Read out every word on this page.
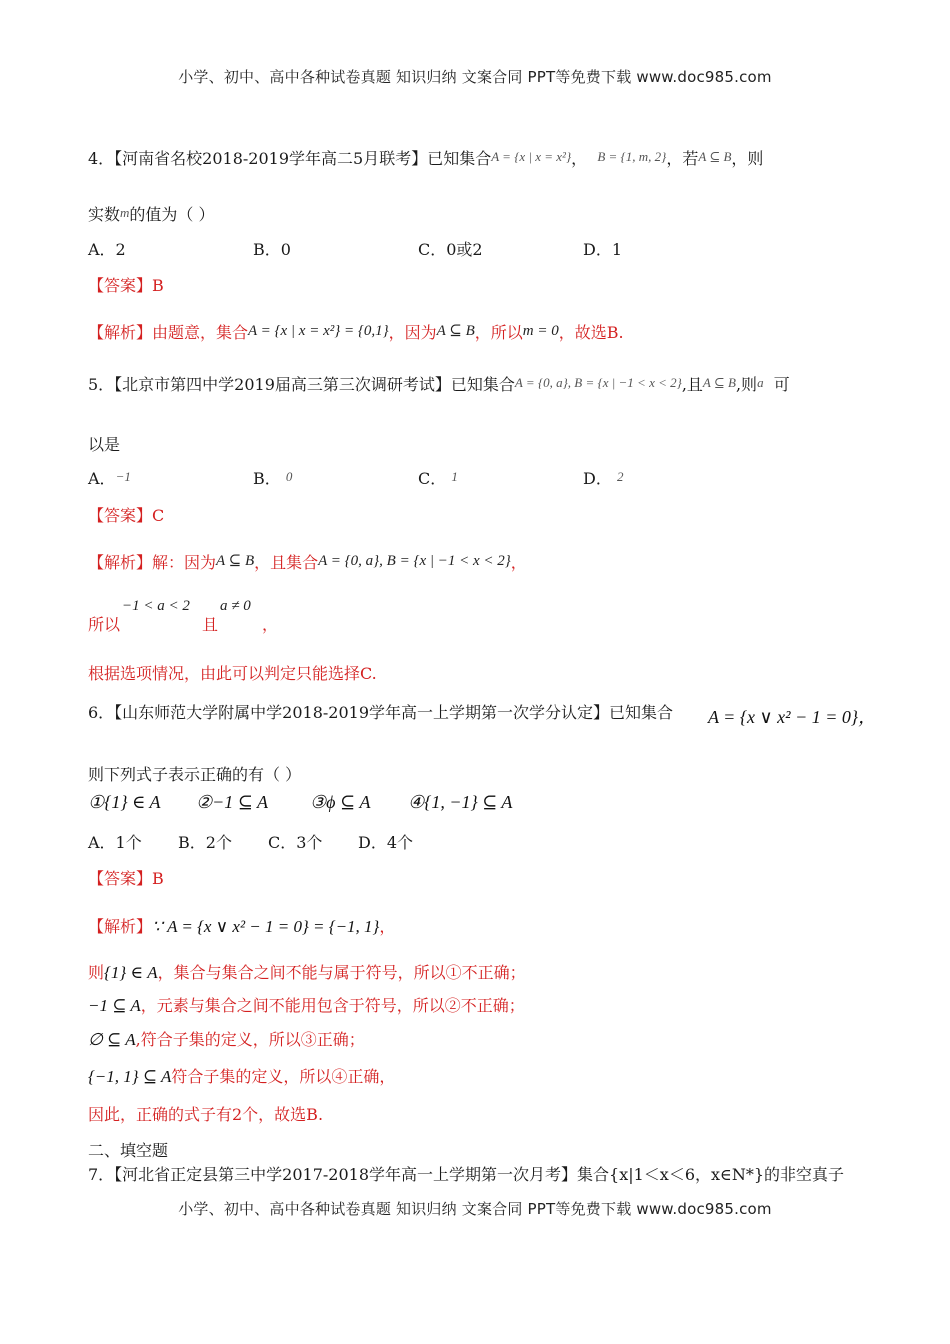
小学、初中、高中各种试卷真题 知识归纳 文案合同 PPT等免费下载 www.doc985.com
4．【河南省名校2018-2019学年高二5月联考】已知集合A = {x | x = x²}， B = {1, m, 2}，若A ⊆ B，则
实数m的值为（ ）
A．2	B．0	C．0或2	D．1
【答案】B
【解析】由题意，集合A = {x | x = x²} = {0,1}，因为A ⊆ B，所以m = 0，故选B.
5．【北京市第四中学2019届高三第三次调研考试】已知集合A = {0, a}, B = {x | −1 < x < 2},且A ⊆ B,则a 可
以是
A．−1	B． 0	C． 1	D． 2
【答案】C
【解析】解：因为A ⊆ B，且集合A = {0, a}, B = {x | −1 < x < 2}，
所以
−1 < a < 2
且
a ≠ 0
，
根据选项情况，由此可以判定只能选择C.
6．【山东师范大学附属中学2018-2019学年高一上学期第一次学分认定】已知集合 A = {x ∨ x² − 1 = 0}，
则下列式子表示正确的有（ ）
①{1} ∈ A ②−1 ⊆ A ③ϕ ⊆ A ④{1, −1} ⊆ A
A．1个 B．2个 C．3个 D．4个
【答案】B
【解析】∵ A = {x ∨ x² − 1 = 0} = {−1, 1}，
则{1} ∈ A，集合与集合之间不能与属于符号，所以①不正确；
−1 ⊆ A，元素与集合之间不能用包含于符号，所以②不正确；
∅ ⊆ A,符合子集的定义，所以③正确；
{−1, 1} ⊆ A符合子集的定义，所以④正确，
因此，正确的式子有2个，故选B.
二、填空题
7．【河北省正定县第三中学2017-2018学年高一上学期第一次月考】集合{x|1＜x＜6，x∈N*}的非空真子
小学、初中、高中各种试卷真题 知识归纳 文案合同 PPT等免费下载 www.doc985.com
